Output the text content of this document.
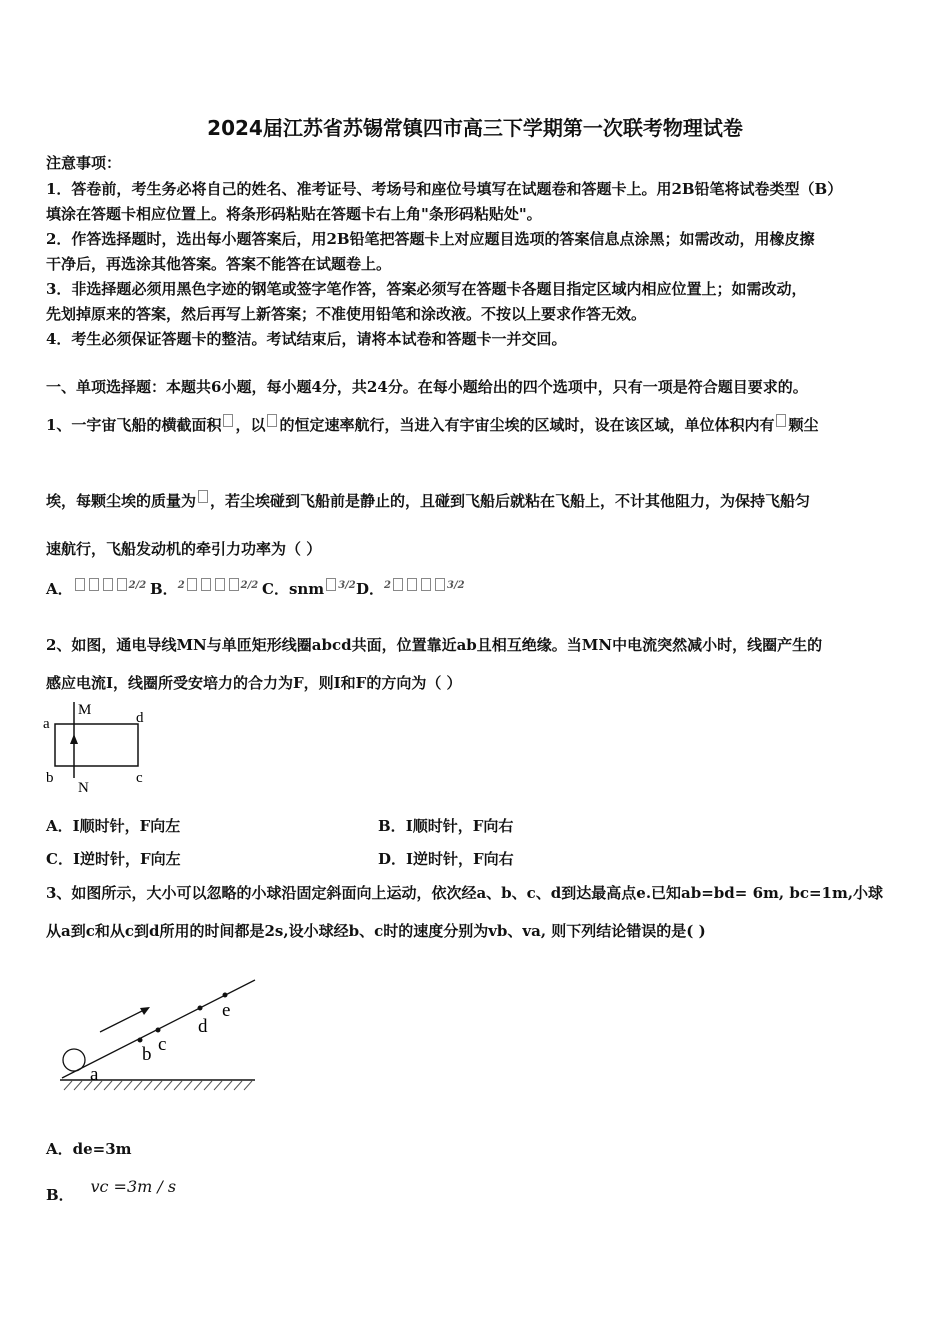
2024届江苏省苏锡常镇四市高三下学期第一次联考物理试卷
注意事项：
1．答卷前，考生务必将自己的姓名、准考证号、考场号和座位号填写在试题卷和答题卡上。用2B铅笔将试卷类型（B）
填涂在答题卡相应位置上。将条形码粘贴在答题卡右上角"条形码粘贴处"。
2．作答选择题时，选出每小题答案后，用2B铅笔把答题卡上对应题目选项的答案信息点涂黑；如需改动，用橡皮擦
干净后，再选涂其他答案。答案不能答在试题卷上。
3．非选择题必须用黑色字迹的钢笔或签字笔作答，答案必须写在答题卡各题目指定区域内相应位置上；如需改动，
先划掉原来的答案，然后再写上新答案；不准使用铅笔和涂改液。不按以上要求作答无效。
4．考生必须保证答题卡的整洁。考试结束后，请将本试卷和答题卡一并交回。
一、单项选择题：本题共6小题，每小题4分，共24分。在每小题给出的四个选项中，只有一项是符合题目要求的。
1、一宇宙飞船的横截面积 ，以 的恒定速率航行，当进入有宇宙尘埃的区域时，设在该区域，单位体积内有 颗尘
埃，每颗尘埃的质量为 ，若尘埃碰到飞船前是静止的，且碰到飞船后就粘在飞船上，不计其他阻力，为保持飞船匀
速航行，飞船发动机的牵引力功率为（ ）
A．	$^{2/2}$ B．$^2$	$^{2/2}$ C．snm $^{3/2}$ D．$^2$	$^{3/2}$
2、如图，通电导线MN与单匝矩形线圈abcd共面，位置靠近ab且相互绝缘。当MN中电流突然减小时，线圈产生的
感应电流I，线圈所受安培力的合力为F，则I和F的方向为（ ）
M
N
a	d
b	c
A．I顺时针，F向左	B．I顺时针，F向右
C．I逆时针，F向左	D．I逆时针，F向右
3、如图所示，大小可以忽略的小球沿固定斜面向上运动，依次经a、b、c、d到达最高点e.已知ab=bd= 6m, bc=1m,小球
从a到c和从c到d所用的时间都是2s,设小球经b、c时的速度分别为vb、va, 则下列结论错误的是( )
a
b c
d
e
A．de=3m
B． vc =3m / s
